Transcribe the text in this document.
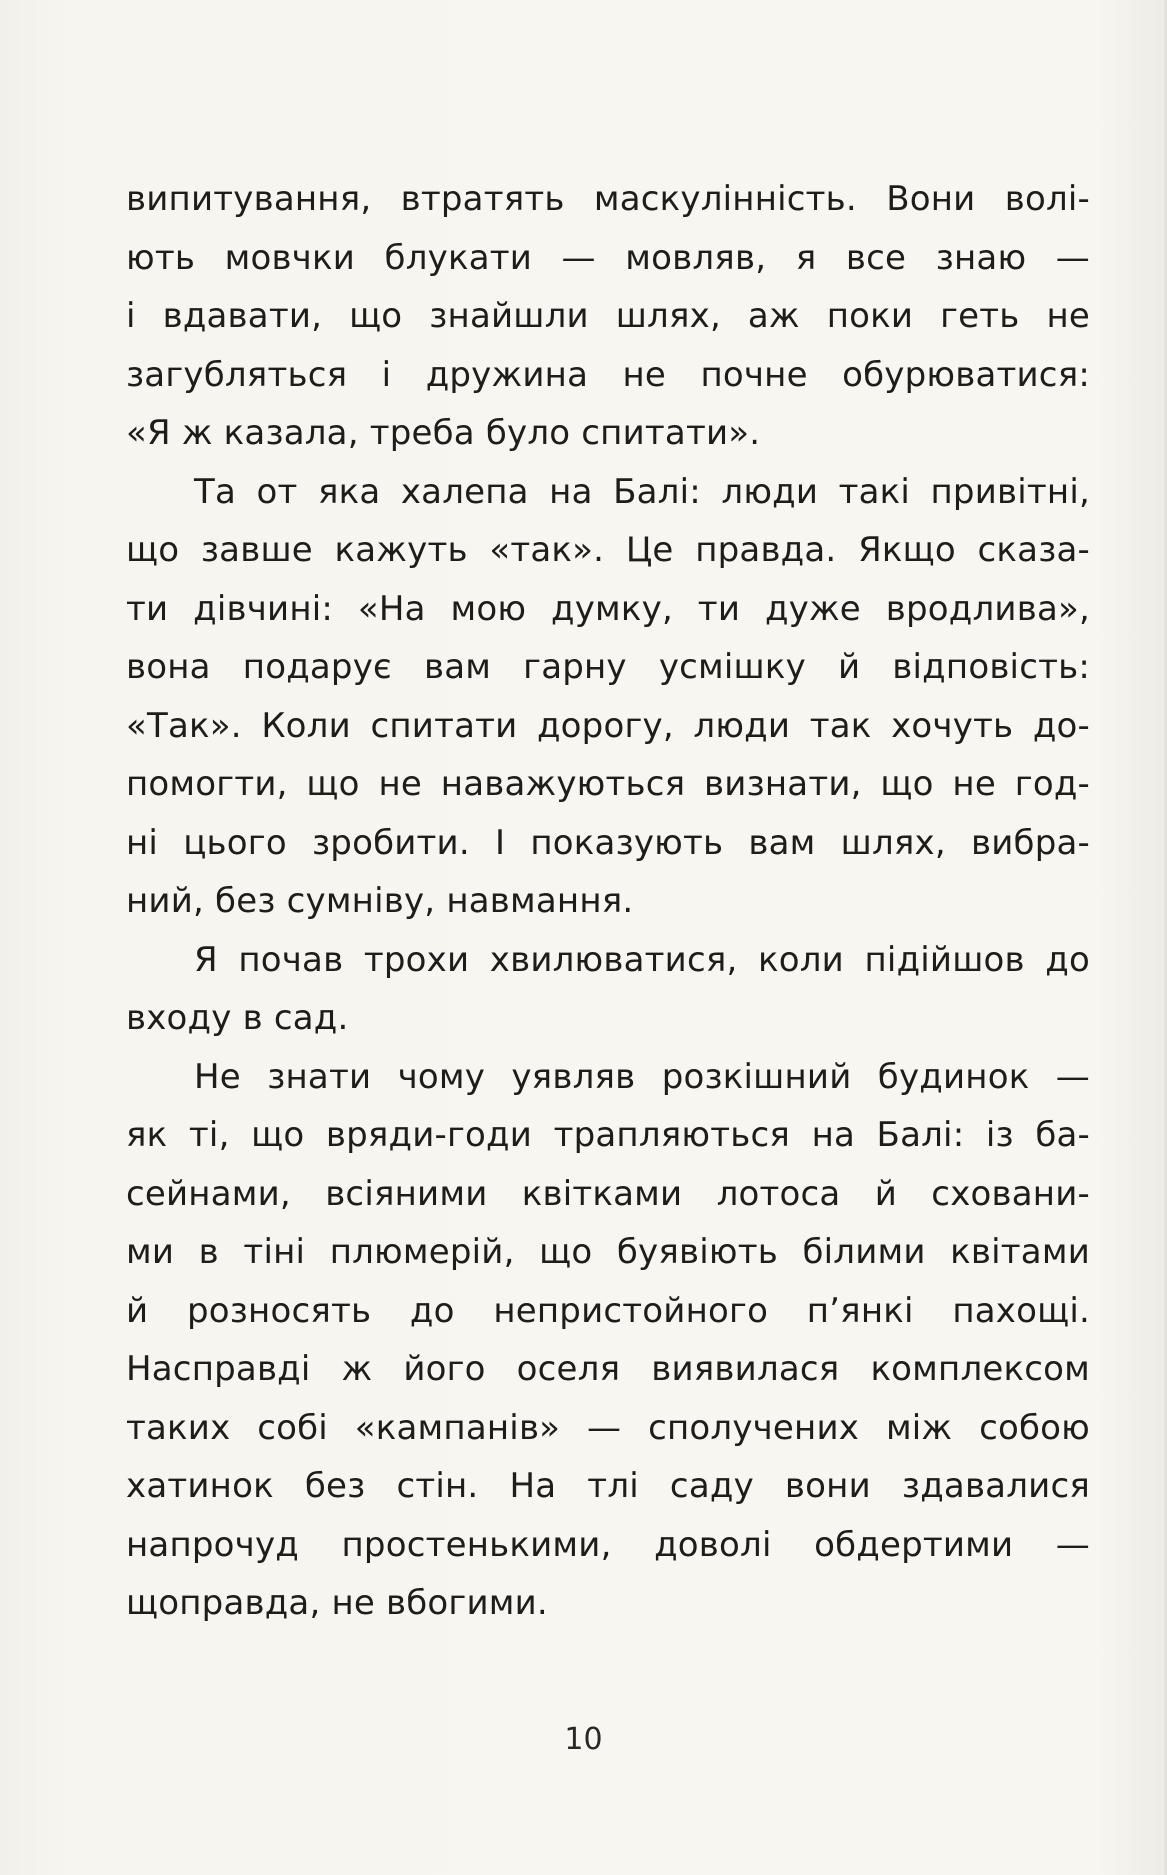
випитування, втратять маскулінність. Вони волі-
ють мовчки блукати — мовляв, я все знаю —
і вдавати, що знайшли шлях, аж поки геть не
загубляться і дружина не почне обурюватися:
«Я ж казала, треба було спитати».
Та от яка халепа на Балі: люди такі привітні,
що завше кажуть «так». Це правда. Якщо сказа-
ти дівчині: «На мою думку, ти дуже вродлива»,
вона подарує вам гарну усмішку й відповість:
«Так». Коли спитати дорогу, люди так хочуть до-
помогти, що не наважуються визнати, що не год-
ні цього зробити. І показують вам шлях, вибра-
ний, без сумніву, навмання.
Я почав трохи хвилюватися, коли підійшов до
входу в сад.
Не знати чому уявляв розкішний будинок —
як ті, що вряди-годи трапляються на Балі: із ба-
сейнами, всіяними квітками лотоса й сховани-
ми в тіні плюмерій, що буявіють білими квітами
й розносять до непристойного п’янкі пахощі.
Насправді ж його оселя виявилася комплексом
таких собі «кампанів» — сполучених між собою
хатинок без стін. На тлі саду вони здавалися
напрочуд простенькими, доволі обдертими —
щоправда, не вбогими.
10
